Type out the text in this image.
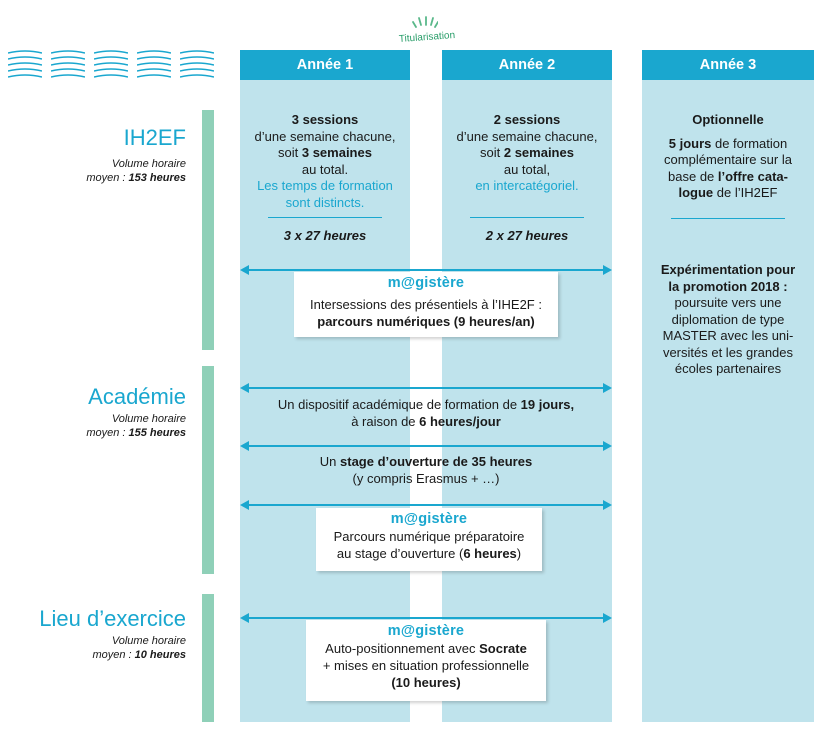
Année 1	Année 2	Année 3
Titularisation
IH2EF
Volume horaire
moyen : 153 heures
Académie
Volume horaire
moyen : 155 heures
Lieu d’exercice
Volume horaire
moyen : 10 heures
3 sessions
d’une semaine chacune,
soit 3 semaines
au total.
Les temps de formation
sont distincts.
3 x 27 heures
2 sessions
d’une semaine chacune,
soit 2 semaines
au total,
en intercatégoriel.
2 x 27 heures
Optionnelle
5 jours de formation
complémentaire sur la
base de l’offre cata-
logue de l’IH2EF
Expérimentation pour
la promotion 2018 :
poursuite vers une
diplomation de type
MASTER avec les uni-
versités et les grandes
écoles partenaires
m@gistère
Intersessions des présentiels à l’IHE2F :
parcours numériques (9 heures/an)
Un dispositif académique de formation de 19 jours,
à raison de 6 heures/jour
Un stage d’ouverture de 35 heures
(y compris Erasmus + …)
m@gistère
Parcours numérique préparatoire
au stage d’ouverture (6 heures)
m@gistère
Auto-positionnement avec Socrate
+ mises en situation professionnelle
(10 heures)
